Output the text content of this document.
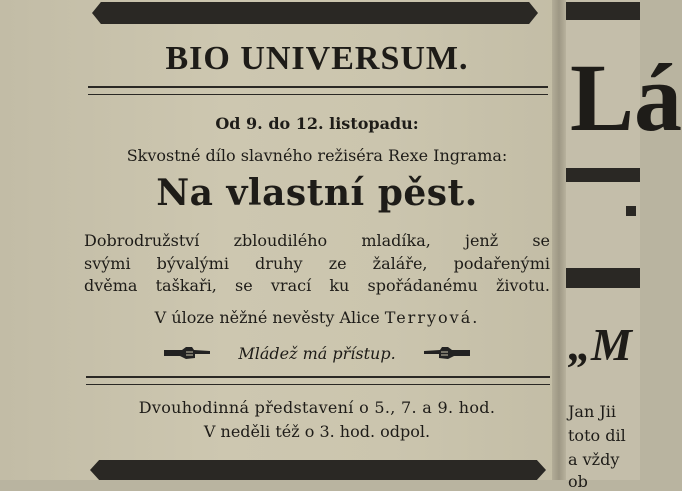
BIO UNIVERSUM.
Od 9. do 12. listopadu:
Skvostné dílo slavného režiséra Rexe Ingrama:
Na vlastní pěst.
Dobrodružství zbloudilého mladíka, jenž se
svými bývalými druhy ze žaláře, podařenými
dvěma taškaři, se vrací ku spořádanému životu.
V úloze něžné nevěsty Alice Terryová.
Mládež má přístup.
Dvouhodinná představení o 5., 7. a 9. hod.
V neděli též o 3. hod. odpol.
Lá
„M
Jan Jii
toto dil
a vždy
ob
